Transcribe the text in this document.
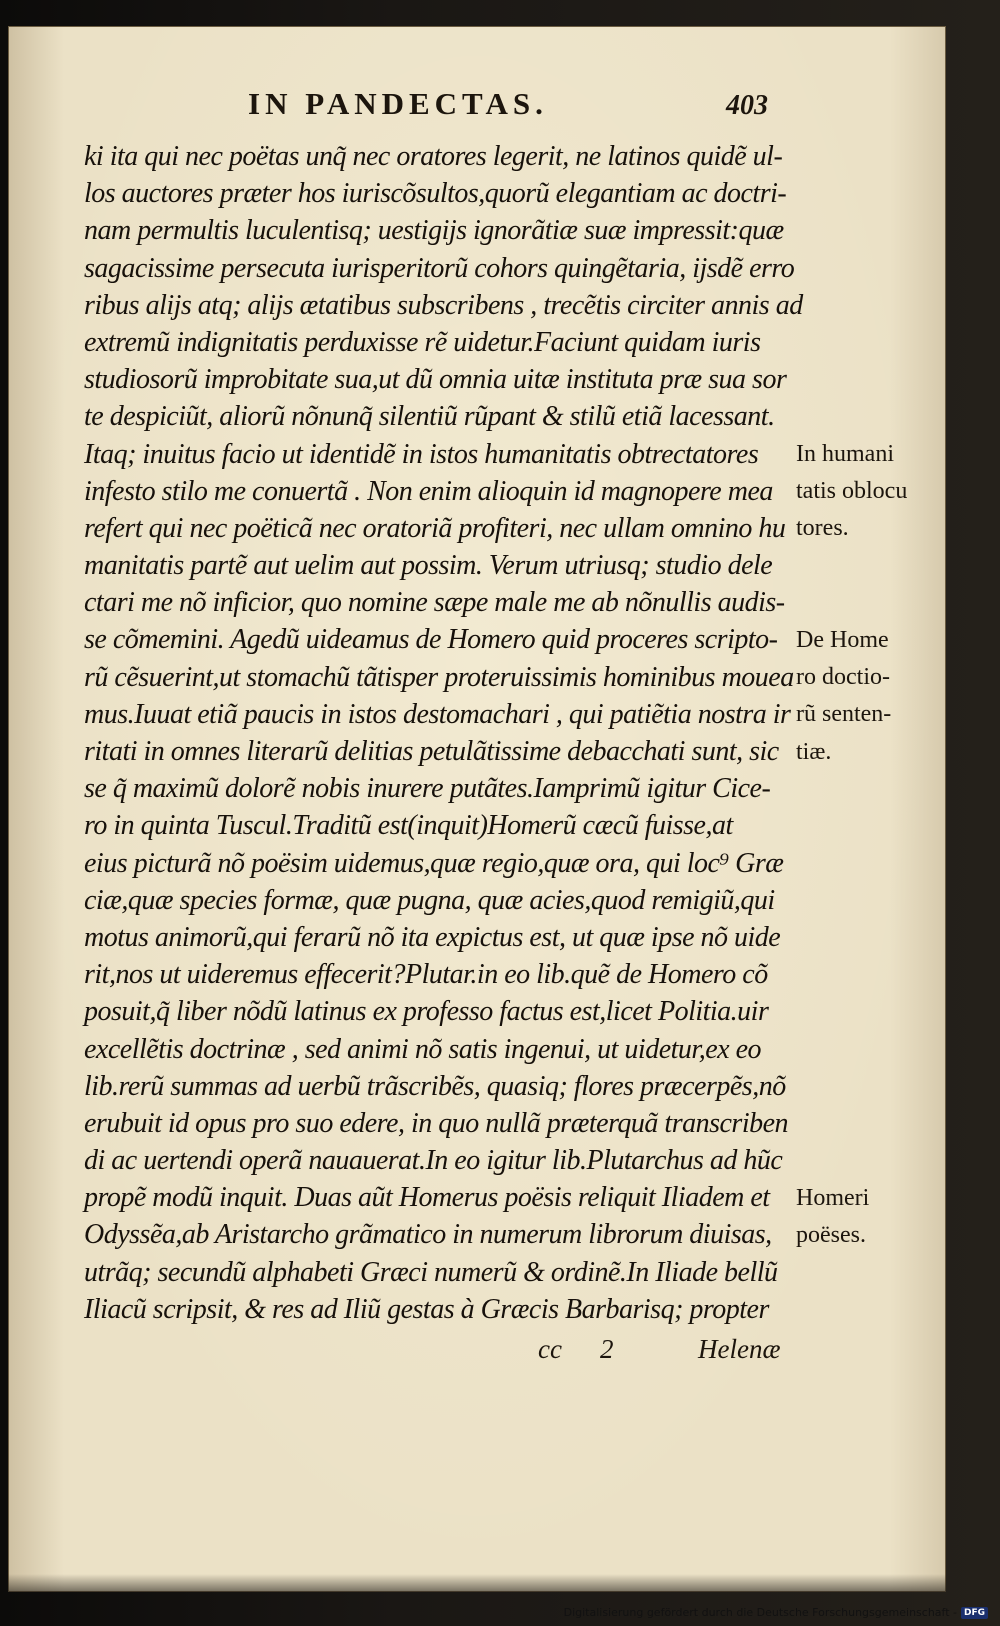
IN PANDECTAS.	403
ki ita qui nec poëtas unq̃ nec oratores legerit, ne latinos quidẽ ul-
los auctores præter hos iuriscõsultos,quorũ elegantiam ac doctri-
nam permultis luculentisq; uestigijs ignorãtiæ suæ impressit:quæ
sagacissime persecuta iurisperitorũ cohors quingẽtaria, ijsdẽ erro
ribus alijs atq; alijs ætatibus subscribens , trecẽtis circiter annis ad
extremũ indignitatis perduxisse rẽ uidetur.Faciunt quidam iuris
studiosorũ improbitate sua,ut dũ omnia uitæ instituta præ sua sor
te despiciũt, aliorũ nõnunq̃ silentiũ rũpant & stilũ etiã lacessant.
Itaq; inuitus facio ut identidẽ in istos humanitatis obtrectatores
infesto stilo me conuertã . Non enim alioquin id magnopere mea
refert qui nec poëticã nec oratoriã profiteri, nec ullam omnino hu
manitatis partẽ aut uelim aut possim. Verum utriusq; studio dele
ctari me nõ inficior, quo nomine sæpe male me ab nõnullis audis-
se cõmemini. Agedũ uideamus de Homero quid proceres scripto-
rũ cẽsuerint,ut stomachũ tãtisper proteruissimis hominibus mouea
mus.Iuuat etiã paucis in istos destomachari , qui patiẽtia nostra ir
ritati in omnes literarũ delitias petulãtissime debacchati sunt, sic
se q̃ maximũ dolorẽ nobis inurere putãtes.Iamprimũ igitur Cice-
ro in quinta Tuscul.Traditũ est(inquit)Homerũ cæcũ fuisse,at
eius picturã nõ poësim uidemus,quæ regio,quæ ora, qui loc⁹ Græ
ciæ,quæ species formæ, quæ pugna, quæ acies,quod remigiũ,qui
motus animorũ,qui ferarũ nõ ita expictus est, ut quæ ipse nõ uide
rit,nos ut uideremus effecerit?Plutar.in eo lib.quẽ de Homero cõ
posuit,q̃ liber nõdũ latinus ex professo factus est,licet Politia.uir
excellẽtis doctrinæ , sed animi nõ satis ingenui, ut uidetur,ex eo
lib.rerũ summas ad uerbũ trãscribẽs, quasiq; flores præcerpẽs,nõ
erubuit id opus pro suo edere, in quo nullã præterquã transcriben
di ac uertendi operã nauauerat.In eo igitur lib.Plutarchus ad hũc
propẽ modũ inquit. Duas aũt Homerus poësis reliquit Iliadem et
Odyssẽa,ab Aristarcho grãmatico in numerum librorum diuisas,
utrãq; secundũ alphabeti Græci numerũ & ordinẽ.In Iliade bellũ
Iliacũ scripsit, & res ad Iliũ gestas à Græcis Barbarisq; propter
In humani
tatis oblocu
tores.
De Home
ro doctio-
rũ senten-
tiæ.
Homeri
poëses.
cc 2	Helenæ
Digitalisierung gefördert durch die Deutsche Forschungsgemeinschaft - DFG
